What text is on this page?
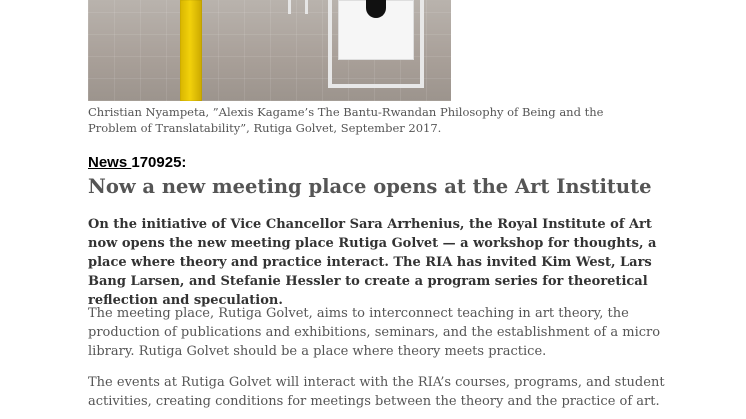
Christian Nyampeta, ”Alexis Kagame’s The Bantu-Rwandan Philosophy of Being and the Problem of Translatability”, Rutiga Golvet, September 2017.

News 170925:

Now a new meeting place opens at the Art Institute

On the initiative of Vice Chancellor Sara Arrhenius, the Royal Institute of Art now opens the new meeting place Rutiga Golvet — a workshop for thoughts, a place where theory and practice interact. The RIA has invited Kim West, Lars Bang Larsen, and Stefanie Hessler to create a program series for theoretical reflection and speculation.

The meeting place, Rutiga Golvet, aims to interconnect teaching in art theory, the production of publications and exhibitions, seminars, and the establishment of a micro library. Rutiga Golvet should be a place where theory meets practice.

The events at Rutiga Golvet will interact with the RIA’s courses, programs, and student activities, creating conditions for meetings between the theory and the practice of art.
